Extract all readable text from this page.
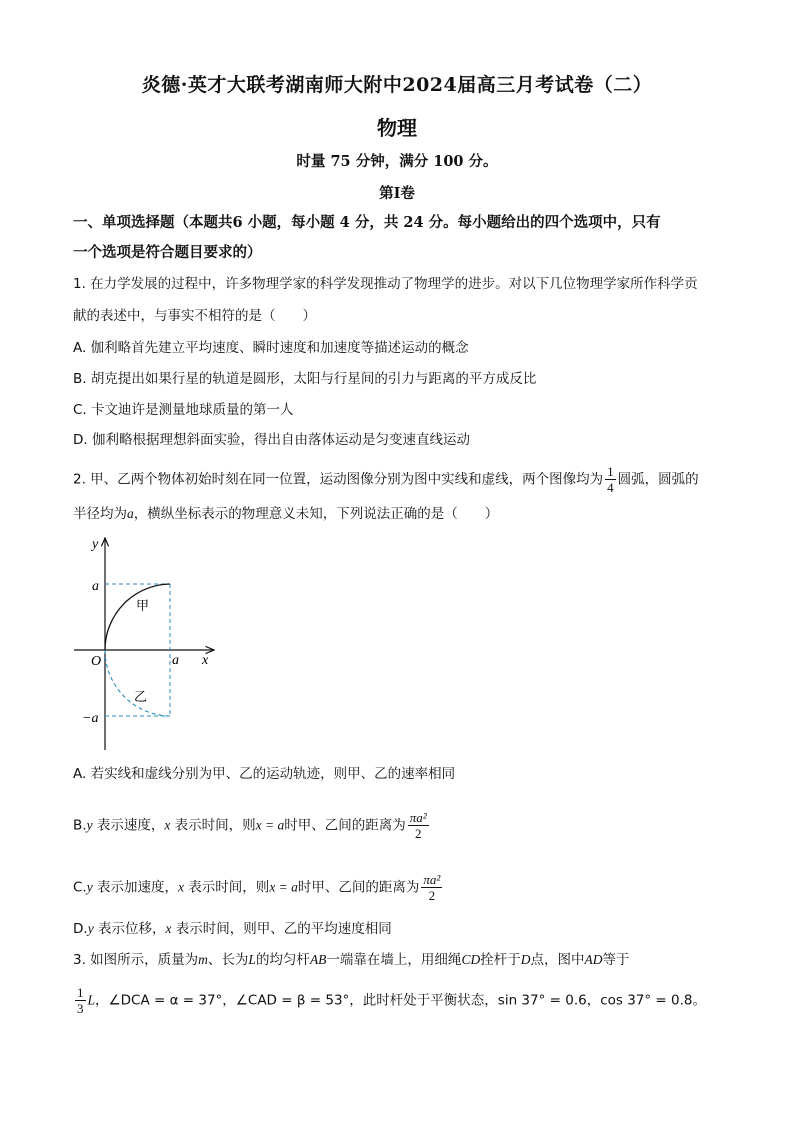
炎德·英才大联考湖南师大附中2024届高三月考试卷（二）
物理
时量 75 分钟，满分 100 分。
第I卷
一、单项选择题（本题共6 小题，每小题 4 分，共 24 分。每小题给出的四个选项中，只有
一个选项是符合题目要求的）
1. 在力学发展的过程中，许多物理学家的科学发现推动了物理学的进步。对以下几位物理学家所作科学贡
献的表述中，与事实不相符的是（　　）
A. 伽利略首先建立平均速度、瞬时速度和加速度等描述运动的概念
B. 胡克提出如果行星的轨道是圆形，太阳与行星间的引力与距离的平方成反比
C. 卡文迪许是测量地球质量的第一人
D. 伽利略根据理想斜面实验，得出自由落体运动是匀变速直线运动
2. 甲、乙两个物体初始时刻在同一位置，运动图像分别为图中实线和虚线，两个图像均为 $\frac{1}{4}$ 圆弧，圆弧的
半径均为a，横纵坐标表示的物理意义未知，下列说法正确的是（　　）
y
x
O
a
−a
a
甲
乙
A. 若实线和虚线分别为甲、乙的运动轨迹，则甲、乙的速率相同
B.y 表示速度，x 表示时间，则x = a时甲、乙间的距离为 $\frac{\text{πa²}}{2}$
C.y 表示加速度，x 表示时间，则x = a时甲、乙间的距离为 $\frac{\text{πa²}}{2}$
D.y 表示位移，x 表示时间，则甲、乙的平均速度相同
3. 如图所示，质量为m、长为L的均匀杆AB一端靠在墙上，用细绳CD拴杆于D点，图中AD等于
$\frac{1}{3}$ L，∠DCA = α = 37°，∠CAD = β = 53°，此时杆处于平衡状态，sin 37° = 0.6，cos 37° = 0.8。
